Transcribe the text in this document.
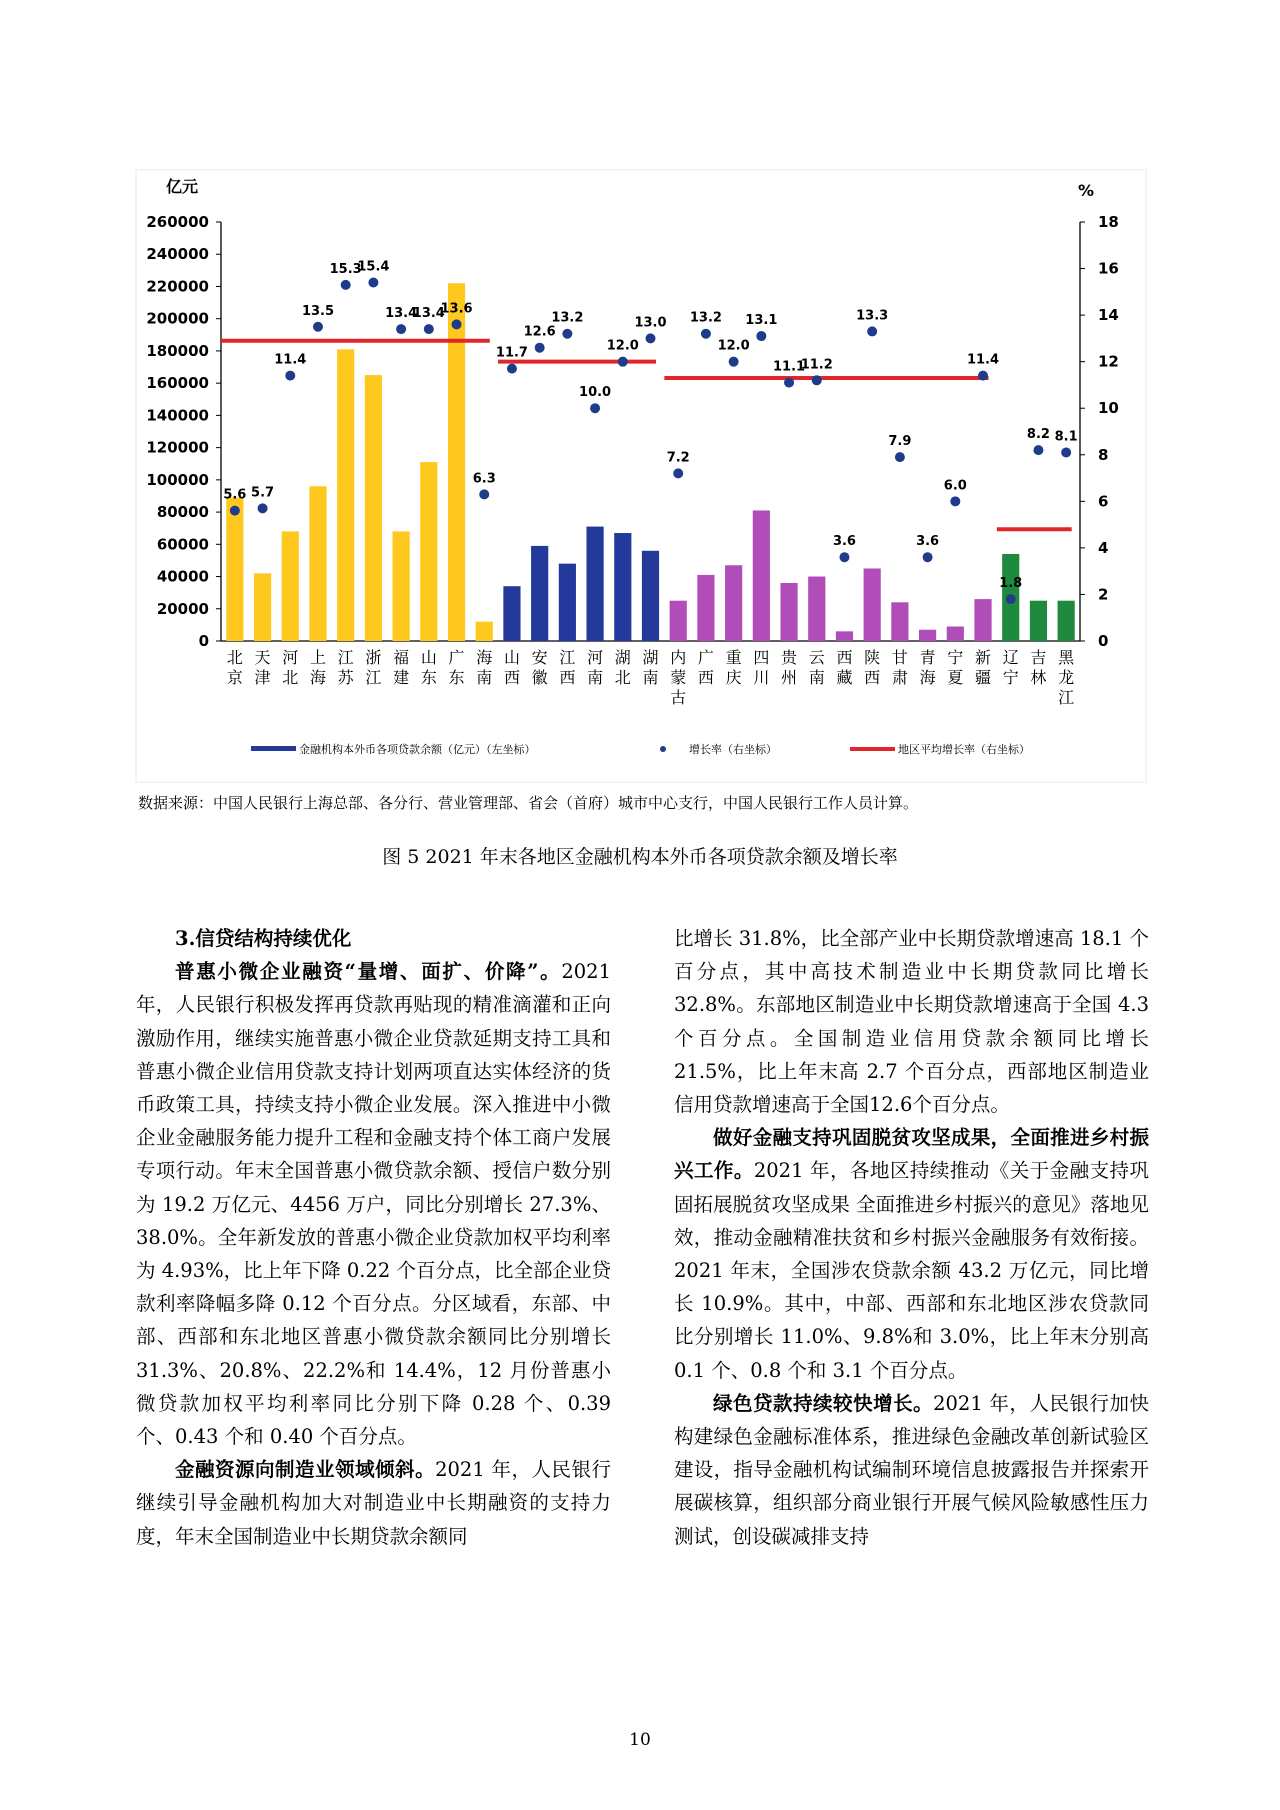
0
20000
40000
60000
80000
100000
120000
140000
160000
180000
200000
220000
240000
260000
0
2
4
6
8
10
12
14
16
18
亿元	%
北
京
天
津
河
北
上
海
江
苏
浙
江
福
建
山
东
广
东
海
南
山
西
安
徽
江
西
河
南
湖
北
湖
南
内
蒙
古
广
西
重
庆
四
川
贵
州
云
南
西
藏
陕
西
甘
肃
青
海
宁
夏
新
疆
辽
宁
吉
林
黑
龙
江
5.6 5.7
11.4
13.5
15.3
15.4
13.4
13.4
13.6
6.3
11.7
12.6
13.2
10.0
12.0
13.0
7.2
13.2
12.0
13.1
11.1
11.2
3.6
13.3
7.9
3.6
6.0
11.4
1.8
8.2 8.1
金融机构本外币各项贷款余额（亿元）（左坐标）	增长率（右坐标）	地区平均增长率（右坐标）
数据来源：中国人民银行上海总部、各分行、营业管理部、省会（首府）城市中心支行，中国人民银行工作人员计算。
图 5 2021 年末各地区金融机构本外币各项贷款余额及增长率

3.信贷结构持续优化

普惠小微企业融资“量增、面扩、价降”。2021 年，人民银行积极发挥再贷款再贴现的精准滴灌和正向激励作用，继续实施普惠小微企业贷款延期支持工具和普惠小微企业信用贷款支持计划两项直达实体经济的货币政策工具，持续支持小微企业发展。深入推进中小微企业金融服务能力提升工程和金融支持个体工商户发展专项行动。年末全国普惠小微贷款余额、授信户数分别为 19.2 万亿元、4456 万户，同比分别增长 27.3%、38.0%。全年新发放的普惠小微企业贷款加权平均利率为 4.93%，比上年下降 0.22 个百分点，比全部企业贷款利率降幅多降 0.12 个百分点。分区域看，东部、中部、西部和东北地区普惠小微贷款余额同比分别增长 31.3%、20.8%、22.2%和 14.4%，12 月份普惠小微贷款加权平均利率同比分别下降 0.28 个、0.39 个、0.43 个和 0.40 个百分点。

金融资源向制造业领域倾斜。2021 年，人民银行继续引导金融机构加大对制造业中长期融资的支持力度，年末全国制造业中长期贷款余额同

比增长 31.8%，比全部产业中长期贷款增速高 18.1 个百分点，其中高技术制造业中长期贷款同比增长 32.8%。东部地区制造业中长期贷款增速高于全国 4.3 个百分点。全国制造业信用贷款余额同比增长 21.5%，比上年末高 2.7 个百分点，西部地区制造业信用贷款增速高于全国12.6个百分点。

做好金融支持巩固脱贫攻坚成果，全面推进乡村振兴工作。2021 年，各地区持续推动《关于金融支持巩固拓展脱贫攻坚成果 全面推进乡村振兴的意见》落地见效，推动金融精准扶贫和乡村振兴金融服务有效衔接。2021 年末，全国涉农贷款余额 43.2 万亿元，同比增长 10.9%。其中，中部、西部和东北地区涉农贷款同比分别增长 11.0%、9.8%和 3.0%，比上年末分别高 0.1 个、0.8 个和 3.1 个百分点。

绿色贷款持续较快增长。2021 年，人民银行加快构建绿色金融标准体系，推进绿色金融改革创新试验区建设，指导金融机构试编制环境信息披露报告并探索开展碳核算，组织部分商业银行开展气候风险敏感性压力测试，创设碳减排支持

10
